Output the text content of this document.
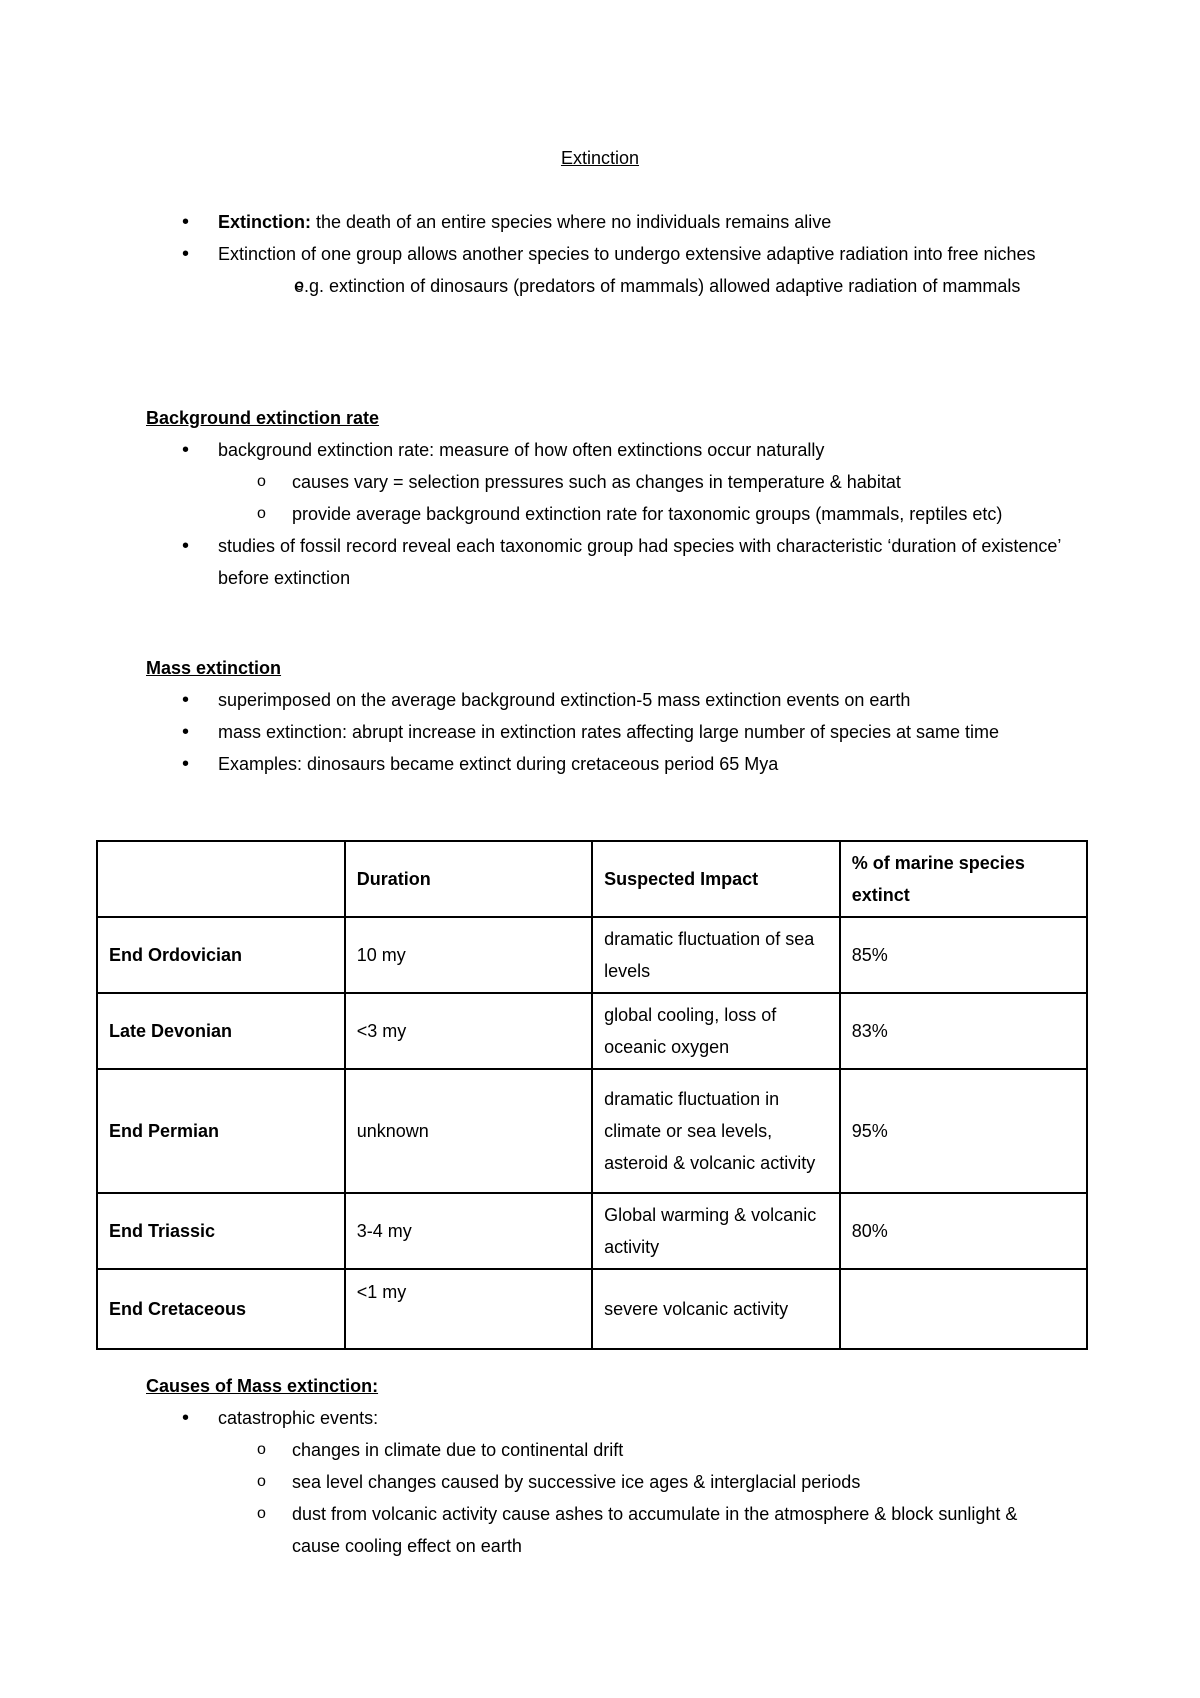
Extinction
• Extinction: the death of an entire species where no individuals remains alive
• Extinction of one group allows another species to undergo extensive adaptive radiation into free niches
o e.g. extinction of dinosaurs (predators of mammals) allowed adaptive radiation of mammals
Background extinction rate
• background extinction rate: measure of how often extinctions occur naturally
o causes vary = selection pressures such as changes in temperature & habitat
o provide average background extinction rate for taxonomic groups (mammals, reptiles etc)
• studies of fossil record reveal each taxonomic group had species with characteristic ‘duration of existence’ before extinction
Mass extinction
• superimposed on the average background extinction-5 mass extinction events on earth
• mass extinction: abrupt increase in extinction rates affecting large number of species at same time
• Examples: dinosaurs became extinct during cretaceous period 65 Mya
	Duration	Suspected Impact	% of marine species extinct
End Ordovician	10 my	dramatic fluctuation of sea levels	85%
Late Devonian	<3 my	global cooling, loss of oceanic oxygen	83%
End Permian	unknown	dramatic fluctuation in climate or sea levels, asteroid & volcanic activity	95%
End Triassic	3-4 my	Global warming & volcanic activity	80%
End Cretaceous	<1 my	severe volcanic activity	
Causes of Mass extinction:
• catastrophic events:
o changes in climate due to continental drift
o sea level changes caused by successive ice ages & interglacial periods
o dust from volcanic activity cause ashes to accumulate in the atmosphere & block sunlight & cause cooling effect on earth
